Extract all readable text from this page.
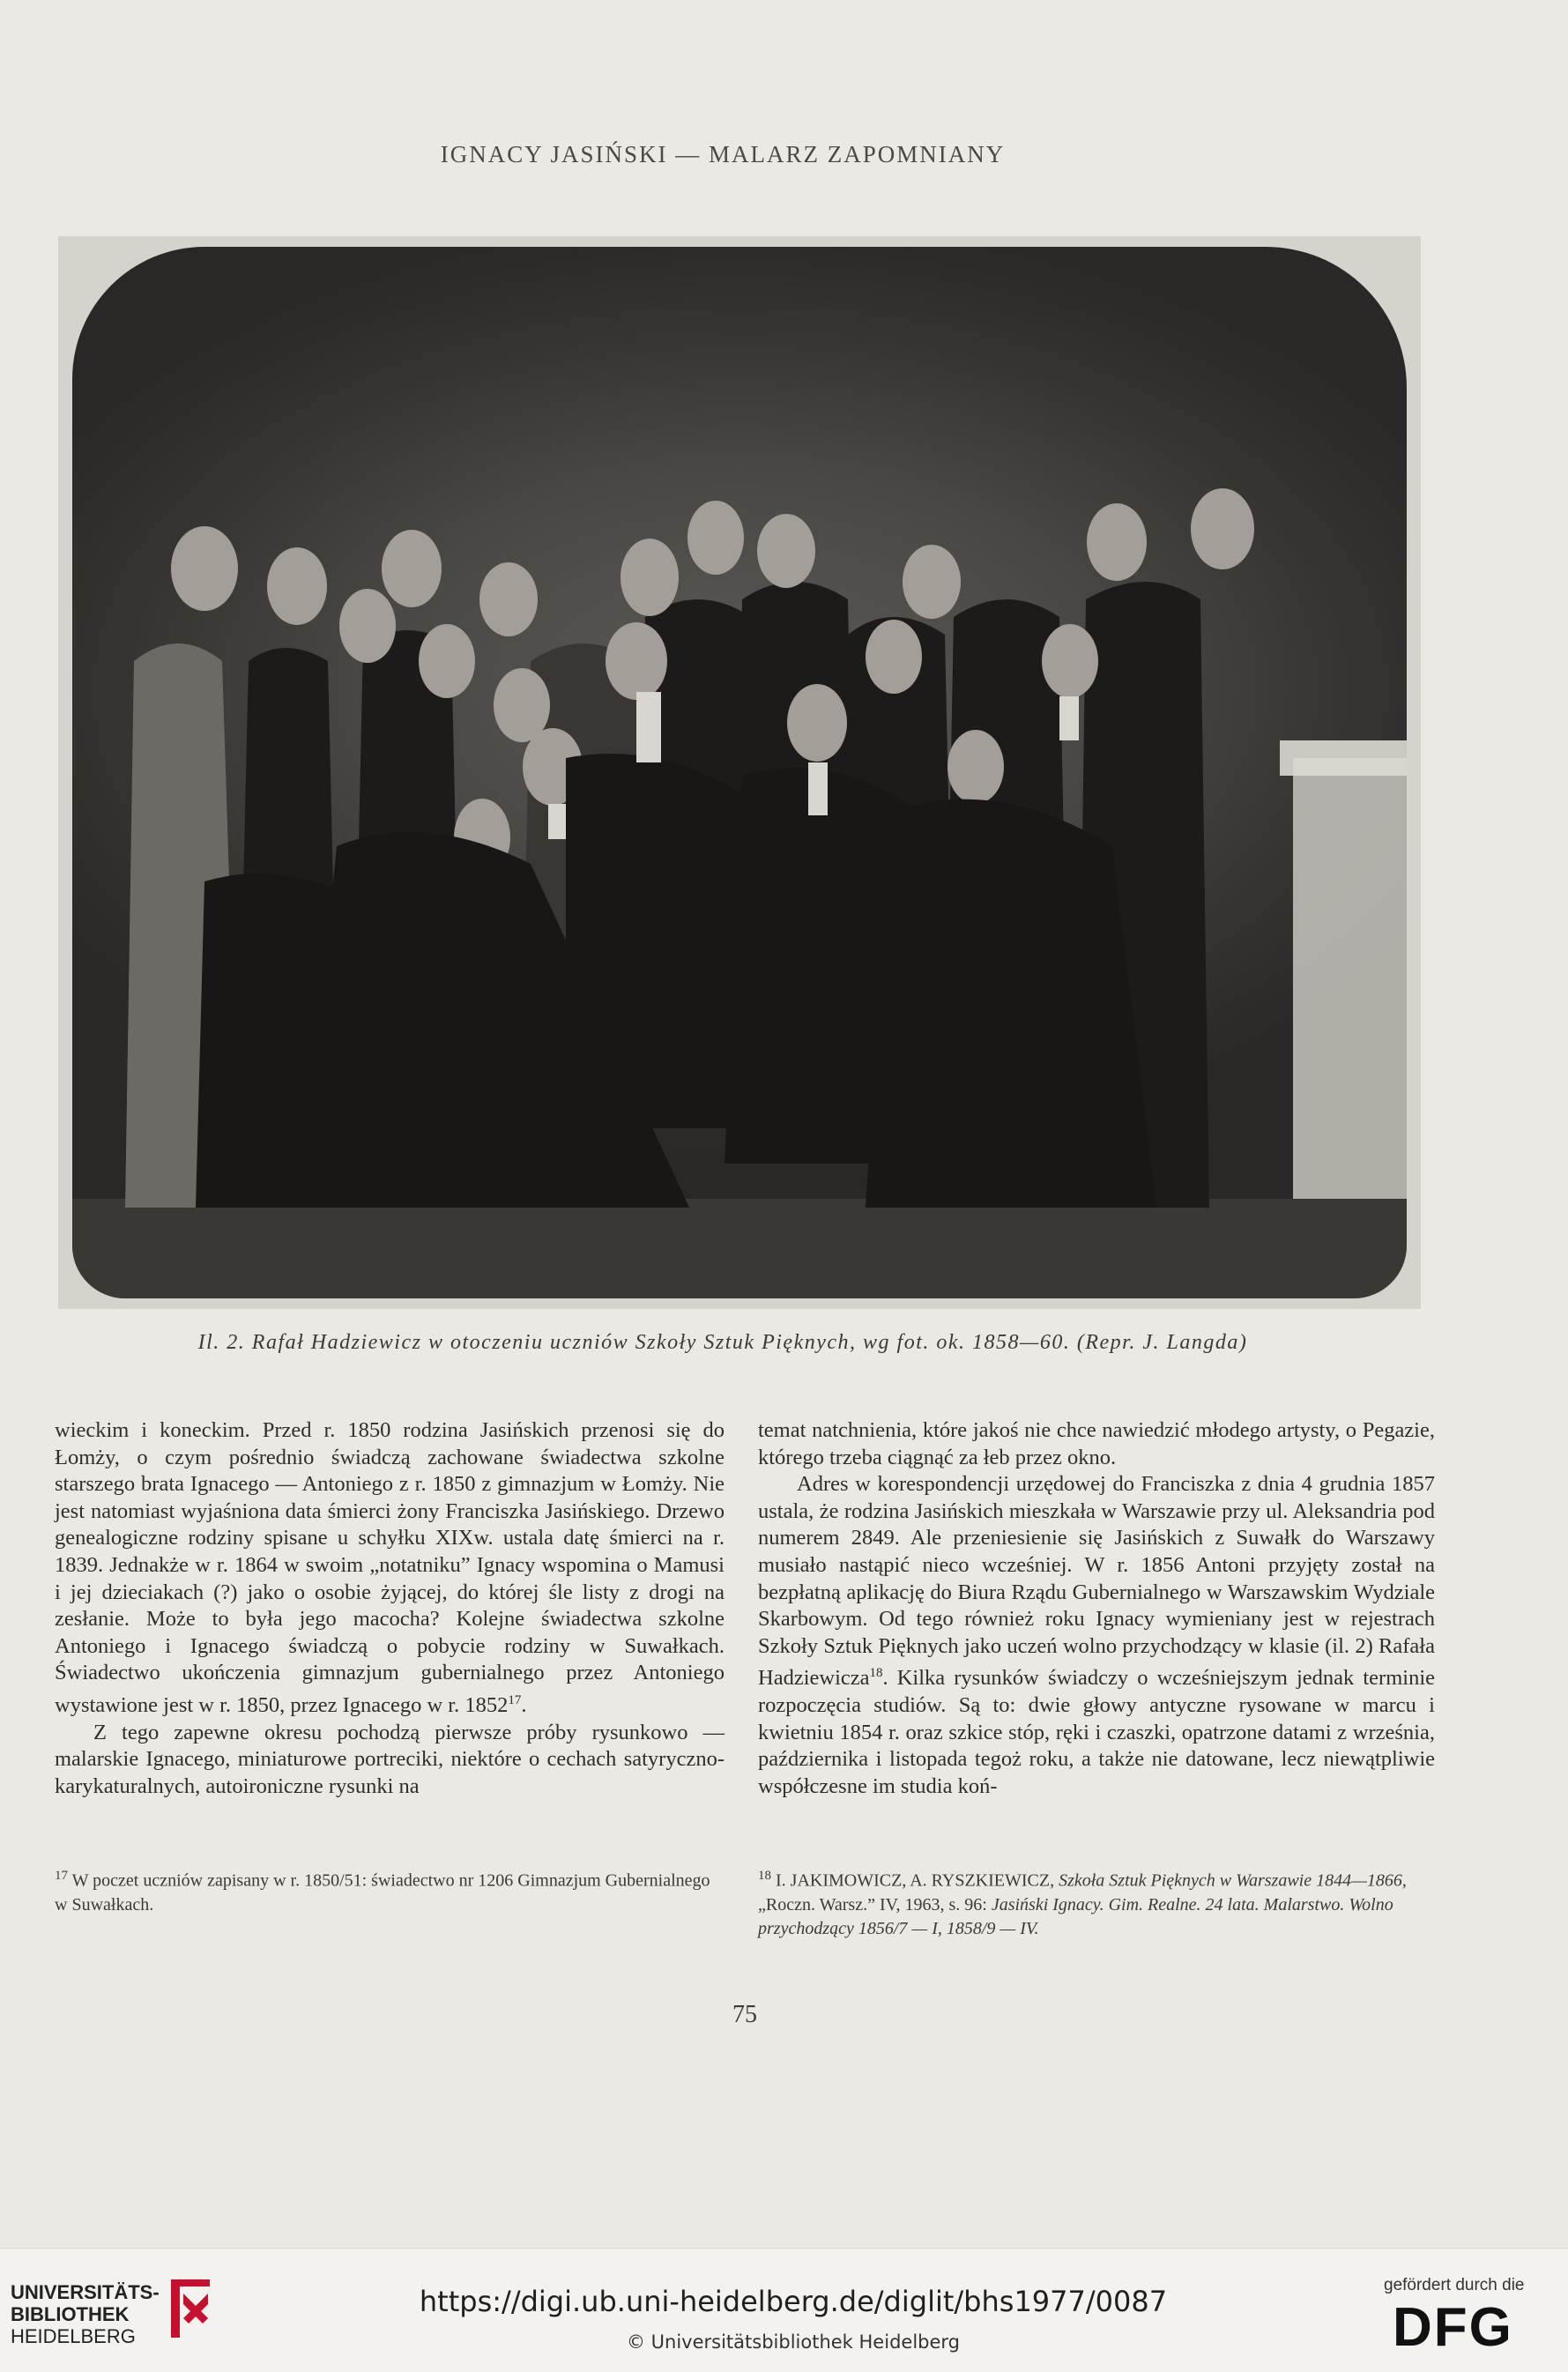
IGNACY JASIŃSKI — MALARZ ZAPOMNIANY
Il. 2. Rafał Hadziewicz w otoczeniu uczniów Szkoły Sztuk Pięknych, wg fot. ok. 1858—60. (Repr. J. Langda)

wieckim i koneckim. Przed r. 1850 rodzina Jasińskich przenosi się do Łomży, o czym pośrednio świadczą zachowane świadectwa szkolne starszego brata Ignacego — Antoniego z r. 1850 z gimnazjum w Łomży. Nie jest natomiast wyjaśniona data śmierci żony Franciszka Jasińskiego. Drzewo genealogiczne rodziny spisane u schyłku XIXw. ustala datę śmierci na r. 1839. Jednakże w r. 1864 w swoim „notatniku” Ignacy wspomina o Mamusi i jej dzieciakach (?) jako o osobie żyjącej, do której śle listy z drogi na zesłanie. Może to była jego macocha? Kolejne świadectwa szkolne Antoniego i Ignacego świadczą o pobycie rodziny w Suwałkach. Świadectwo ukończenia gimnazjum gubernialnego przez Antoniego wystawione jest w r. 1850, przez Ignacego w r. 1852$^{17}$.

Z tego zapewne okresu pochodzą pierwsze próby rysunkowo — malarskie Ignacego, miniaturowe portreciki, niektóre o cechach satyryczno-karykaturalnych, autoironiczne rysunki na

temat natchnienia, które jakoś nie chce nawiedzić młodego artysty, o Pegazie, którego trzeba ciągnąć za łeb przez okno.

Adres w korespondencji urzędowej do Franciszka z dnia 4 grudnia 1857 ustala, że rodzina Jasińskich mieszkała w Warszawie przy ul. Aleksandria pod numerem 2849. Ale przeniesienie się Jasińskich z Suwałk do Warszawy musiało nastąpić nieco wcześniej. W r. 1856 Antoni przyjęty został na bezpłatną aplikację do Biura Rządu Gubernialnego w Warszawskim Wydziale Skarbowym. Od tego również roku Ignacy wymieniany jest w rejestrach Szkoły Sztuk Pięknych jako uczeń wolno przychodzący w klasie (il. 2) Rafała Hadziewicza$^{18}$. Kilka rysunków świadczy o wcześniejszym jednak terminie rozpoczęcia studiów. Są to: dwie głowy antyczne rysowane w marcu i kwietniu 1854 r. oraz szkice stóp, ręki i czaszki, opatrzone datami z września, października i listopada tegoż roku, a także nie datowane, lecz niewątpliwie współczesne im studia koń-

$^{17}$ W poczet uczniów zapisany w r. 1850/51: świadectwo nr 1206 Gimnazjum Gubernialnego w Suwałkach.
$^{18}$ I. JAKIMOWICZ, A. RYSZKIEWICZ, Szkoła Sztuk Pięknych w Warszawie 1844—1866, „Roczn. Warsz.” IV, 1963, s. 96: Jasiński Ignacy. Gim. Realne. 24 lata. Malarstwo. Wolno przychodzący 1856/7 — I, 1858/9 — IV.
75
UNIVERSITÄTS-
BIBLIOTHEK
HEIDELBERG
https://digi.ub.uni-heidelberg.de/diglit/bhs1977/0087
© Universitätsbibliothek Heidelberg
gefördert durch die
DFG
